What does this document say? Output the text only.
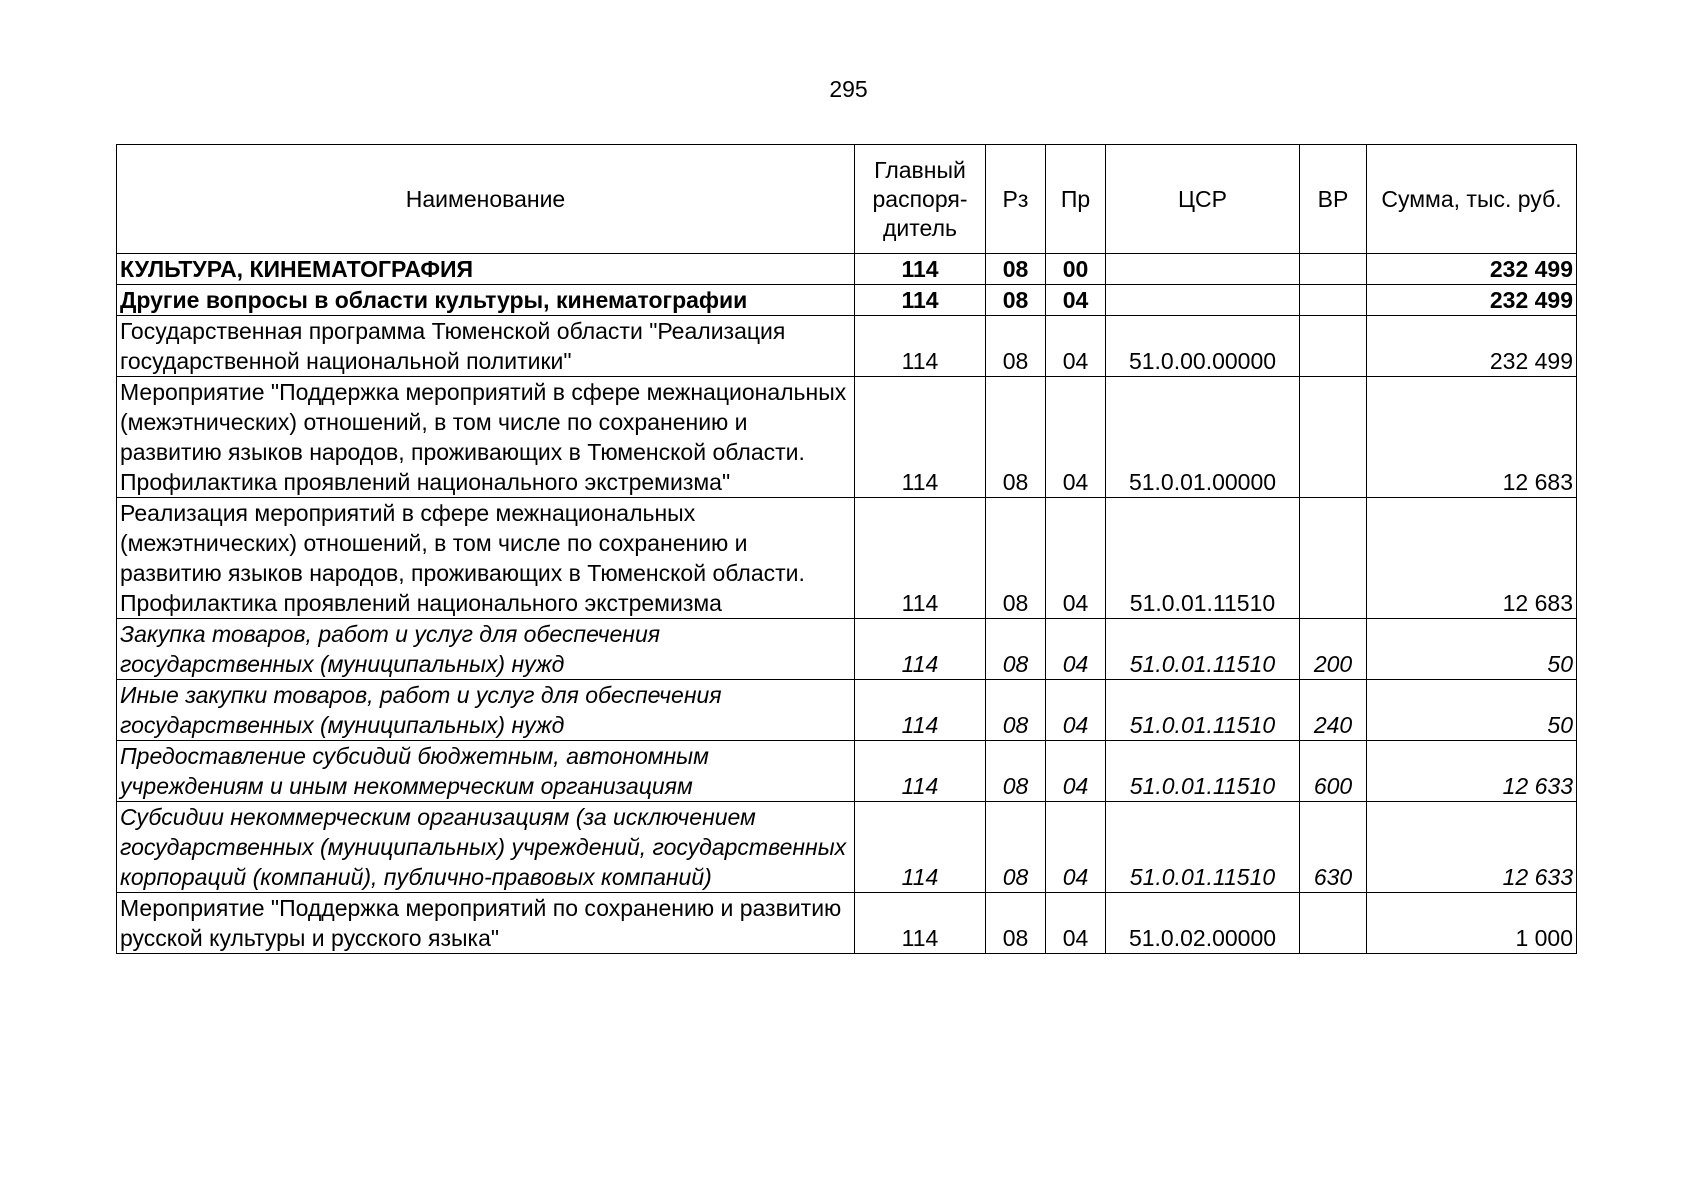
295
Наименование	Главный распоря-дитель	Рз	Пр	ЦСР	ВР	Сумма, тыс. руб.
КУЛЬТУРА, КИНЕМАТОГРАФИЯ	114	08	00			232 499
Другие вопросы в области культуры, кинематографии	114	08	04			232 499
Государственная программа Тюменской области "Реализация государственной национальной политики"	114	08	04	51.0.00.00000		232 499
Мероприятие "Поддержка мероприятий в сфере межнациональных (межэтнических) отношений, в том числе по сохранению и развитию языков народов, проживающих в Тюменской области. Профилактика проявлений национального экстремизма"	114	08	04	51.0.01.00000		12 683
Реализация мероприятий в сфере межнациональных (межэтнических) отношений, в том числе по сохранению и развитию языков народов, проживающих в Тюменской области. Профилактика проявлений национального экстремизма	114	08	04	51.0.01.11510		12 683
Закупка товаров, работ и услуг для обеспечения государственных (муниципальных) нужд	114	08	04	51.0.01.11510	200	50
Иные закупки товаров, работ и услуг для обеспечения государственных (муниципальных) нужд	114	08	04	51.0.01.11510	240	50
Предоставление субсидий бюджетным, автономным учреждениям и иным некоммерческим организациям	114	08	04	51.0.01.11510	600	12 633
Субсидии некоммерческим организациям (за исключением государственных (муниципальных) учреждений, государственных корпораций (компаний), публично-правовых компаний)	114	08	04	51.0.01.11510	630	12 633
Мероприятие "Поддержка мероприятий по сохранению и развитию русской культуры и русского языка"	114	08	04	51.0.02.00000		1 000
